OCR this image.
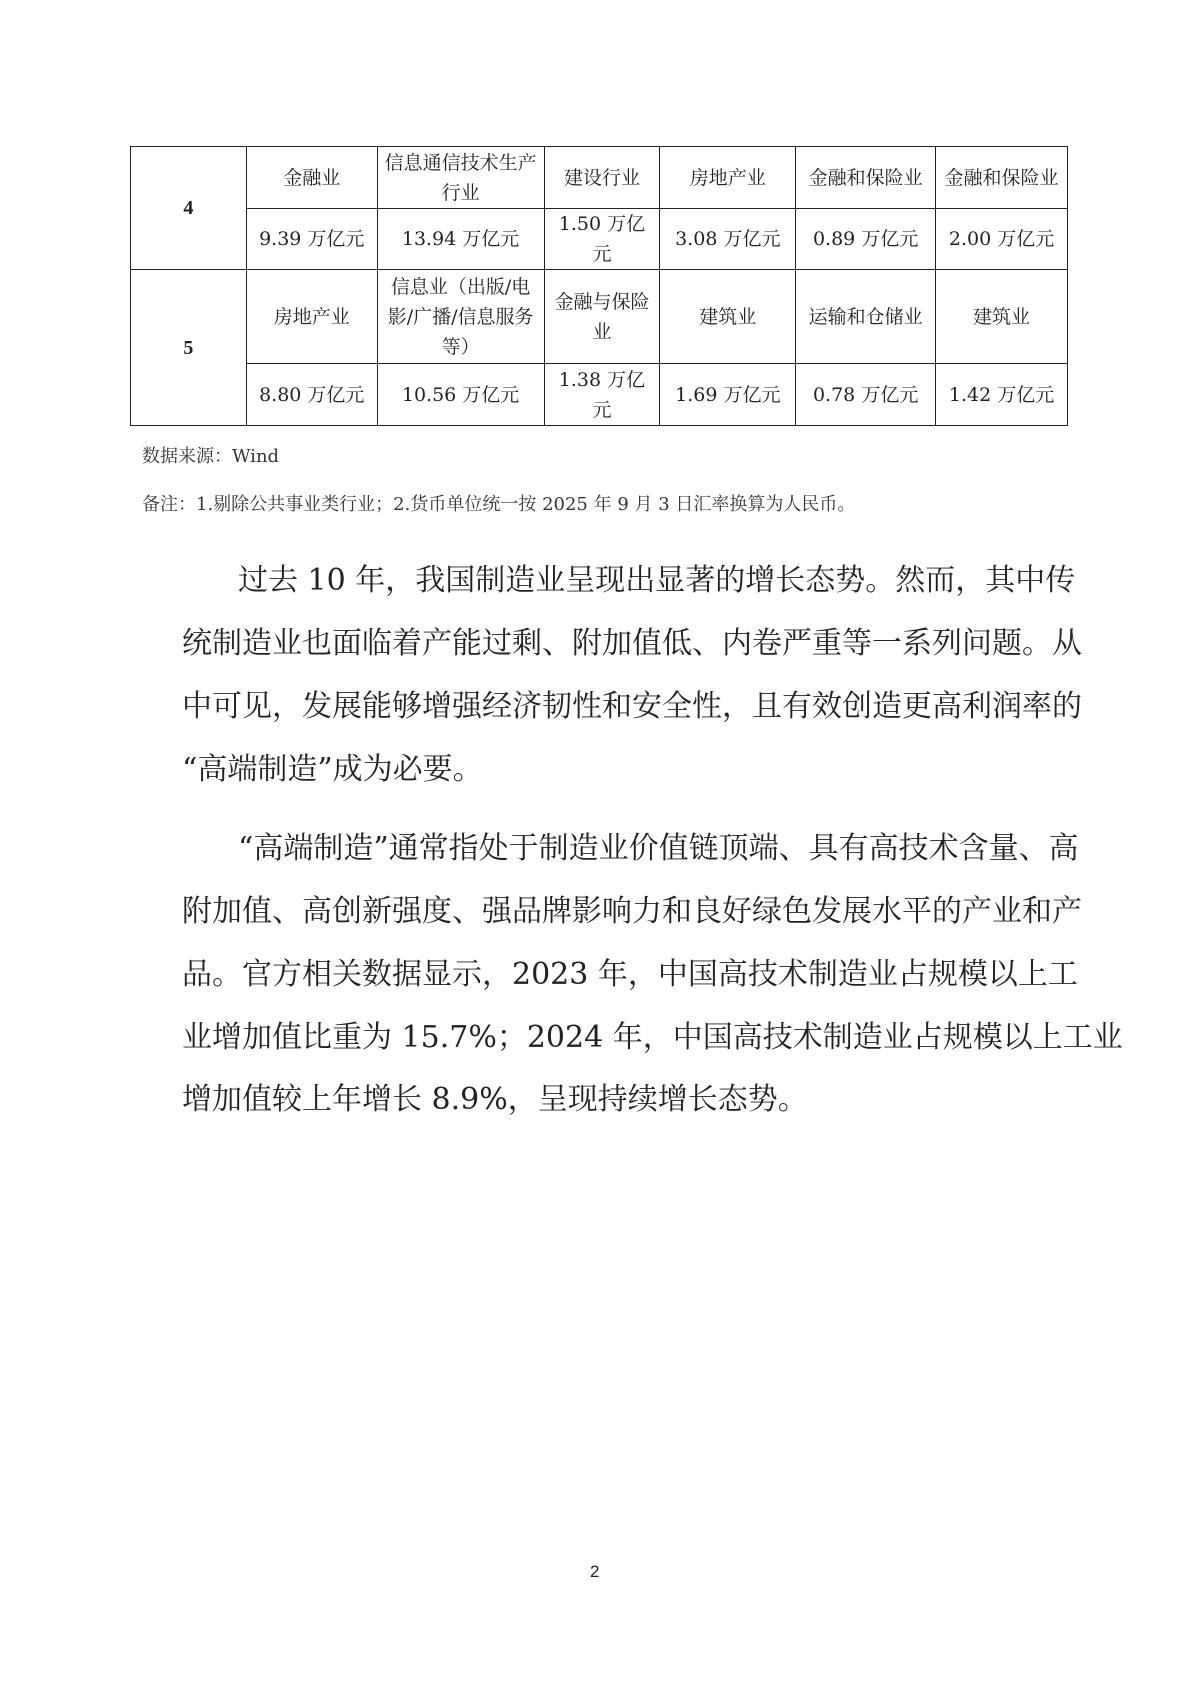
4	金融业	信息通信技术生产行业	建设行业	房地产业	金融和保险业	金融和保险业
	9.39 万亿元	13.94 万亿元	1.50 万亿元	3.08 万亿元	0.89 万亿元	2.00 万亿元
5	房地产业	信息业（出版/电影/广播/信息服务等）	金融与保险业	建筑业	运输和仓储业	建筑业
	8.80 万亿元	10.56 万亿元	1.38 万亿元	1.69 万亿元	0.78 万亿元	1.42 万亿元
数据来源：Wind
备注：1.剔除公共事业类行业；2.货币单位统一按 2025 年 9 月 3 日汇率换算为人民币。
过去 10 年，我国制造业呈现出显著的增长态势。然而，其中传
统制造业也面临着产能过剩、附加值低、内卷严重等一系列问题。从
中可见，发展能够增强经济韧性和安全性，且有效创造更高利润率的
“高端制造”成为必要。
“高端制造”通常指处于制造业价值链顶端、具有高技术含量、高
附加值、高创新强度、强品牌影响力和良好绿色发展水平的产业和产
品。官方相关数据显示，2023 年，中国高技术制造业占规模以上工
业增加值比重为 15.7%；2024 年，中国高技术制造业占规模以上工业
增加值较上年增长 8.9%，呈现持续增长态势。
2
